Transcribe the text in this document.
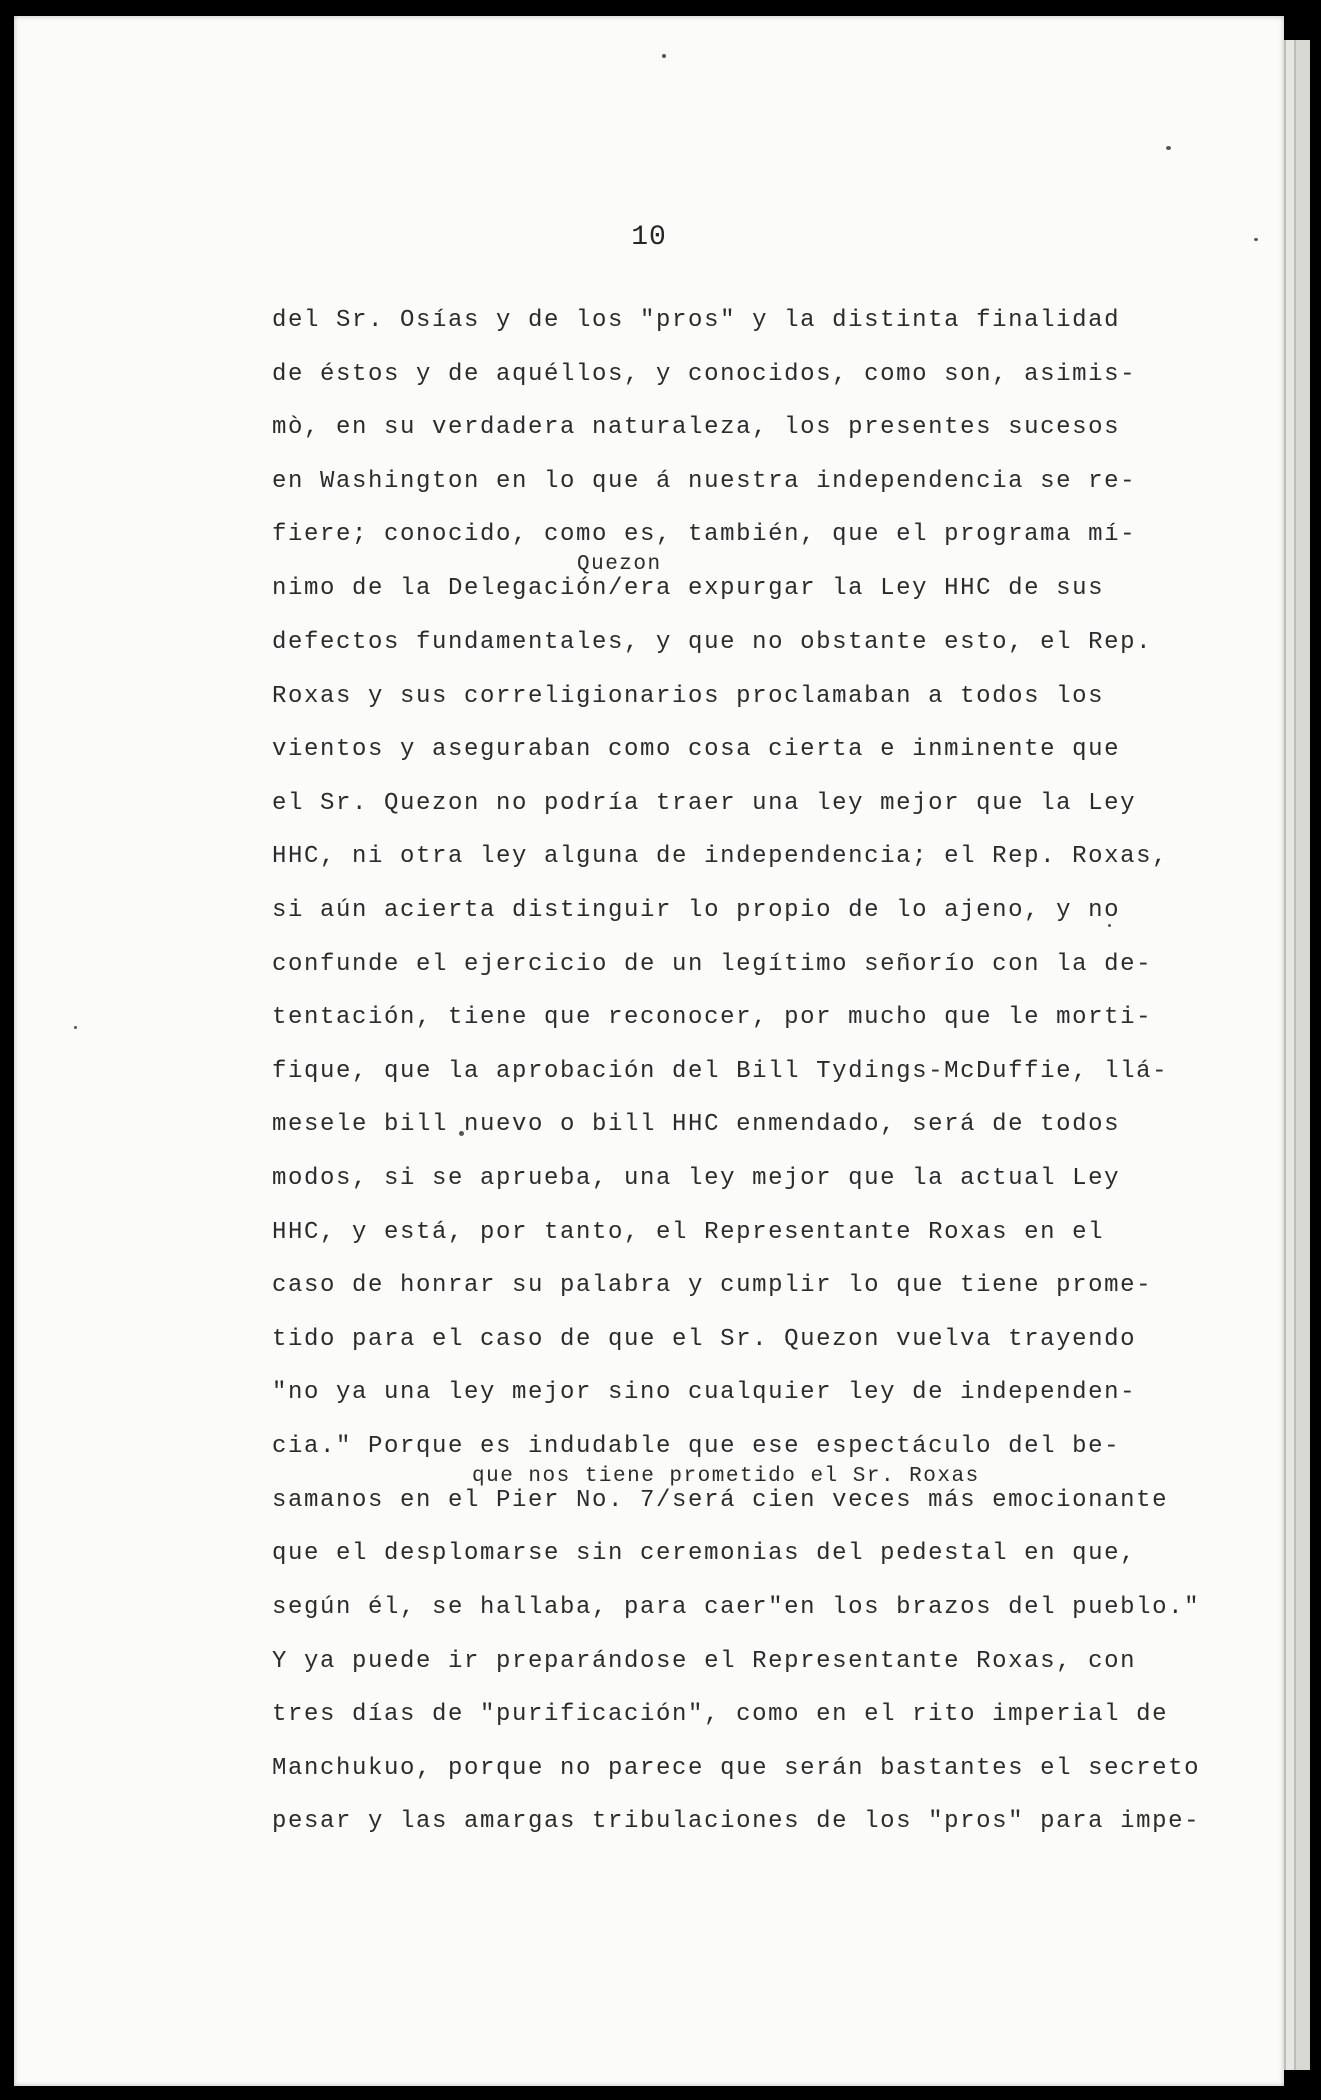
10
del Sr. Osías y de los "pros" y la distinta finalidad
de éstos y de aquéllos, y conocidos, como son, asimis-
mò, en su verdadera naturaleza, los presentes sucesos
en Washington en lo que á nuestra independencia se re-
fiere; conocido, como es, también, que el programa mí-
Quezon
nimo de la Delegación/era expurgar la Ley HHC de sus
defectos fundamentales, y que no obstante esto, el Rep.
Roxas y sus correligionarios proclamaban a todos los
vientos y aseguraban como cosa cierta e inminente que
el Sr. Quezon no podría traer una ley mejor que la Ley
HHC, ni otra ley alguna de independencia; el Rep. Roxas,
si aún acierta distinguir lo propio de lo ajeno, y no
confunde el ejercicio de un legítimo señorío con la de-
tentación, tiene que reconocer, por mucho que le morti-
fique, que la aprobación del Bill Tydings-McDuffie, llá-
mesele bill nuevo o bill HHC enmendado, será de todos
modos, si se aprueba, una ley mejor que la actual Ley
HHC, y está, por tanto, el Representante Roxas en el
caso de honrar su palabra y cumplir lo que tiene prome-
tido para el caso de que el Sr. Quezon vuelva trayendo
"no ya una ley mejor sino cualquier ley de independen-
cia." Porque es indudable que ese espectáculo del be-
que nos tiene prometido el Sr. Roxas
samanos en el Pier No. 7/será cien veces más emocionante
que el desplomarse sin ceremonias del pedestal en que,
según él, se hallaba, para caer"en los brazos del pueblo."
Y ya puede ir preparándose el Representante Roxas, con
tres días de "purificación", como en el rito imperial de
Manchukuo, porque no parece que serán bastantes el secreto
pesar y las amargas tribulaciones de los "pros" para impe-
